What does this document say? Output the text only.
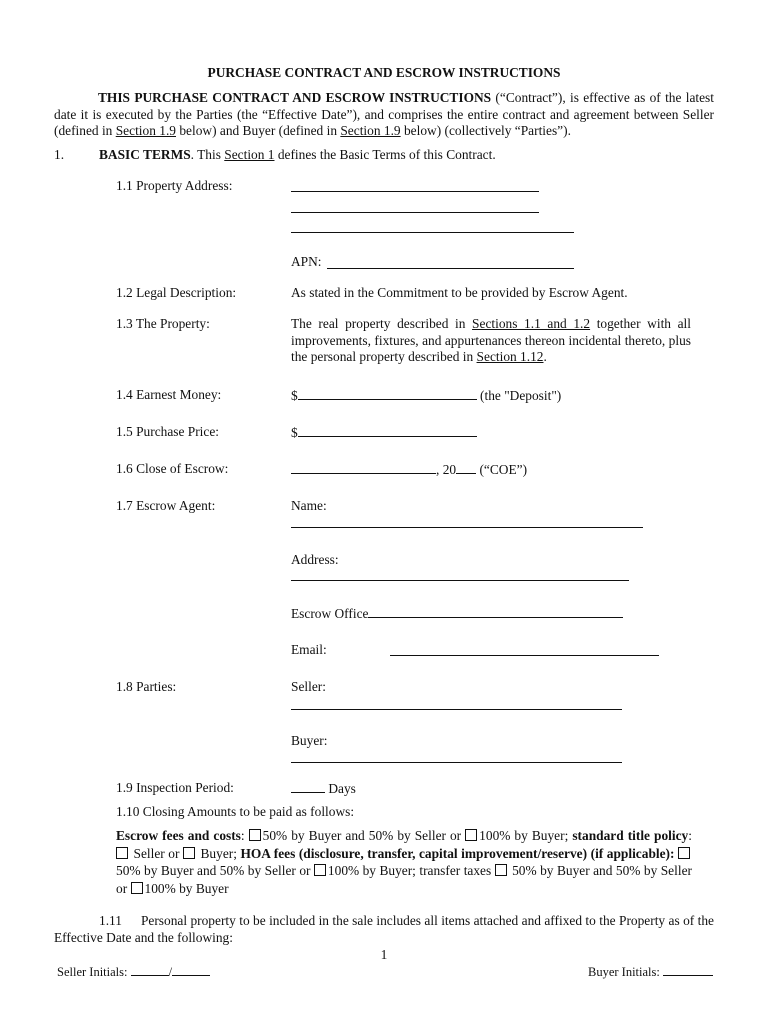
PURCHASE CONTRACT AND ESCROW INSTRUCTIONS
THIS PURCHASE CONTRACT AND ESCROW INSTRUCTIONS (“Contract”), is effective as of the latest date it is executed by the Parties (the “Effective Date”), and comprises the entire contract and agreement between Seller (defined in Section 1.9 below) and Buyer (defined in Section 1.9 below) (collectively “Parties”).
1.	BASIC TERMS. This Section 1 defines the Basic Terms of this Contract.
1.1 Property Address:
APN:
1.2 Legal Description:	As stated in the Commitment to be provided by Escrow Agent.
1.3 The Property:	The real property described in Sections 1.1 and 1.2 together with all improvements, fixtures, and appurtenances thereon incidental thereto, plus the personal property described in Section 1.12.
1.4 Earnest Money:	$	(the "Deposit")
1.5 Purchase Price:	$
1.6 Close of Escrow:	, 20 (“COE”)
1.7 Escrow Agent:	Name:
Address:
Escrow Office
Email:
1.8 Parties:	Seller:
Buyer:
1.9 Inspection Period:	Days
1.10 Closing Amounts to be paid as follows:
Escrow fees and costs: 50% by Buyer and 50% by Seller or 100% by Buyer; standard title policy:  Seller or  Buyer; HOA fees (disclosure, transfer, capital improvement/reserve) (if applicable):  50% by Buyer and 50% by Seller or 100% by Buyer; transfer taxes  50% by Buyer and 50% by Seller or 100% by Buyer
1.11 Personal property to be included in the sale includes all items attached and affixed to the Property as of the Effective Date and the following:
1
Seller Initials:	/	Buyer Initials:
